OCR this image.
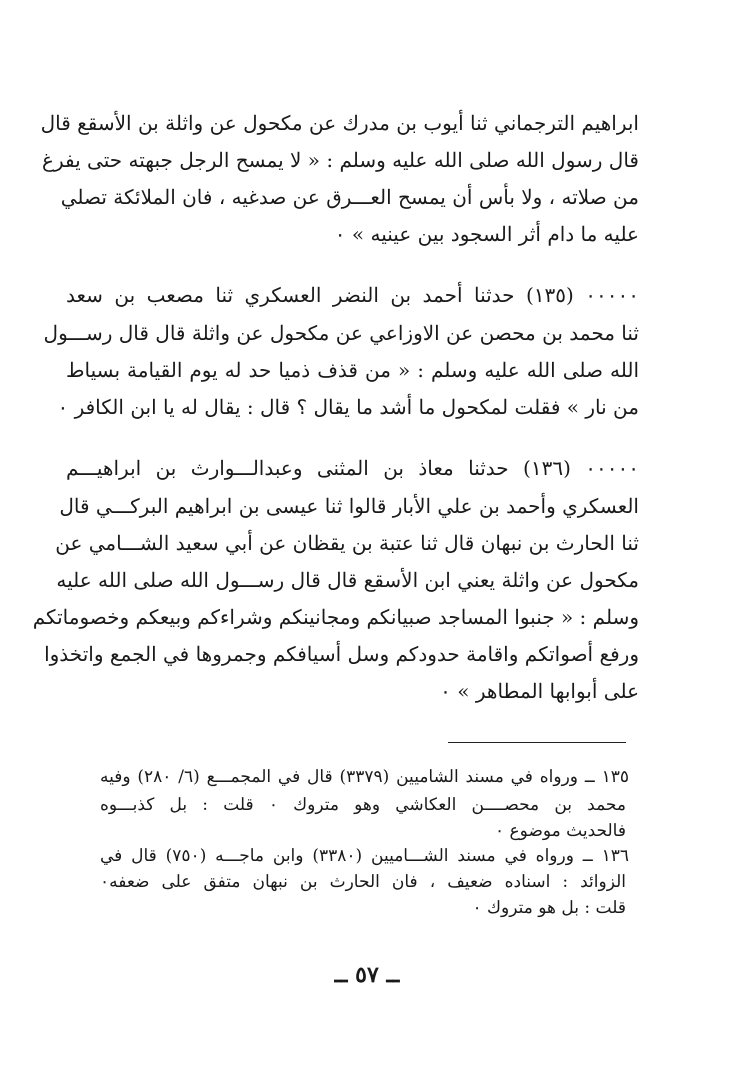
ابراهيم الترجماني ثنا أيوب بن مدرك عن مكحول عن واثلة بن الأسقع قال
قال رسول الله صلى الله عليه وسلم : « لا يمسح الرجل جبهته حتى يفرغ
من صلاته ، ولا بأس أن يمسح العـــرق عن صدغيه ، فان الملائكة تصلي
عليه ما دام أثر السجود بين عينيه » ٠
٠٠٠٠٠ (١٣٥) حدثنا أحمد بن النضر العسكري ثنا مصعب بن سعد
ثنا محمد بن محصن عن الاوزاعي عن مكحول عن واثلة قال قال رســـول
الله صلى الله عليه وسلم : « من قذف ذميا حد له يوم القيامة بسياط
من نار » فقلت لمكحول ما أشد ما يقال ؟ قال : يقال له يا ابن الكافر ٠
٠٠٠٠٠ (١٣٦) حدثنا معاذ بن المثنى وعبدالـــوارث بن ابراهيـــم
العسكري وأحمد بن علي الأبار قالوا ثنا عيسى بن ابراهيم البركـــي قال
ثنا الحارث بن نبهان قال ثنا عتبة بن يقظان عن أبي سعيد الشـــامي عن
مكحول عن واثلة يعني ابن الأسقع قال قال رســـول الله صلى الله عليه
وسلم : « جنبوا المساجد صبيانكم ومجانينكم وشراءكم وبيعكم وخصوماتكم
ورفع أصواتكم واقامة حدودكم وسل أسيافكم وجمروها في الجمع واتخذوا
على أبوابها المطاهر » ٠
١٣٥ ــ ورواه في مسند الشاميين (٣٣٧٩) قال في المجمـــع (٦/ ٢٨٠) وفيه
محمد بن محصــــن العكاشي وهو متروك ٠ قلت : بل كذبـــوه
فالحديث موضوع ٠
١٣٦ ــ ورواه في مسند الشـــاميين (٣٣٨٠) وابن ماجـــه (٧٥٠) قال في
الزوائد : اسناده ضعيف ، فان الحارث بن نبهان متفق على ضعفه٠
قلت : بل هو متروك ٠
ــ ٥٧ ــ
